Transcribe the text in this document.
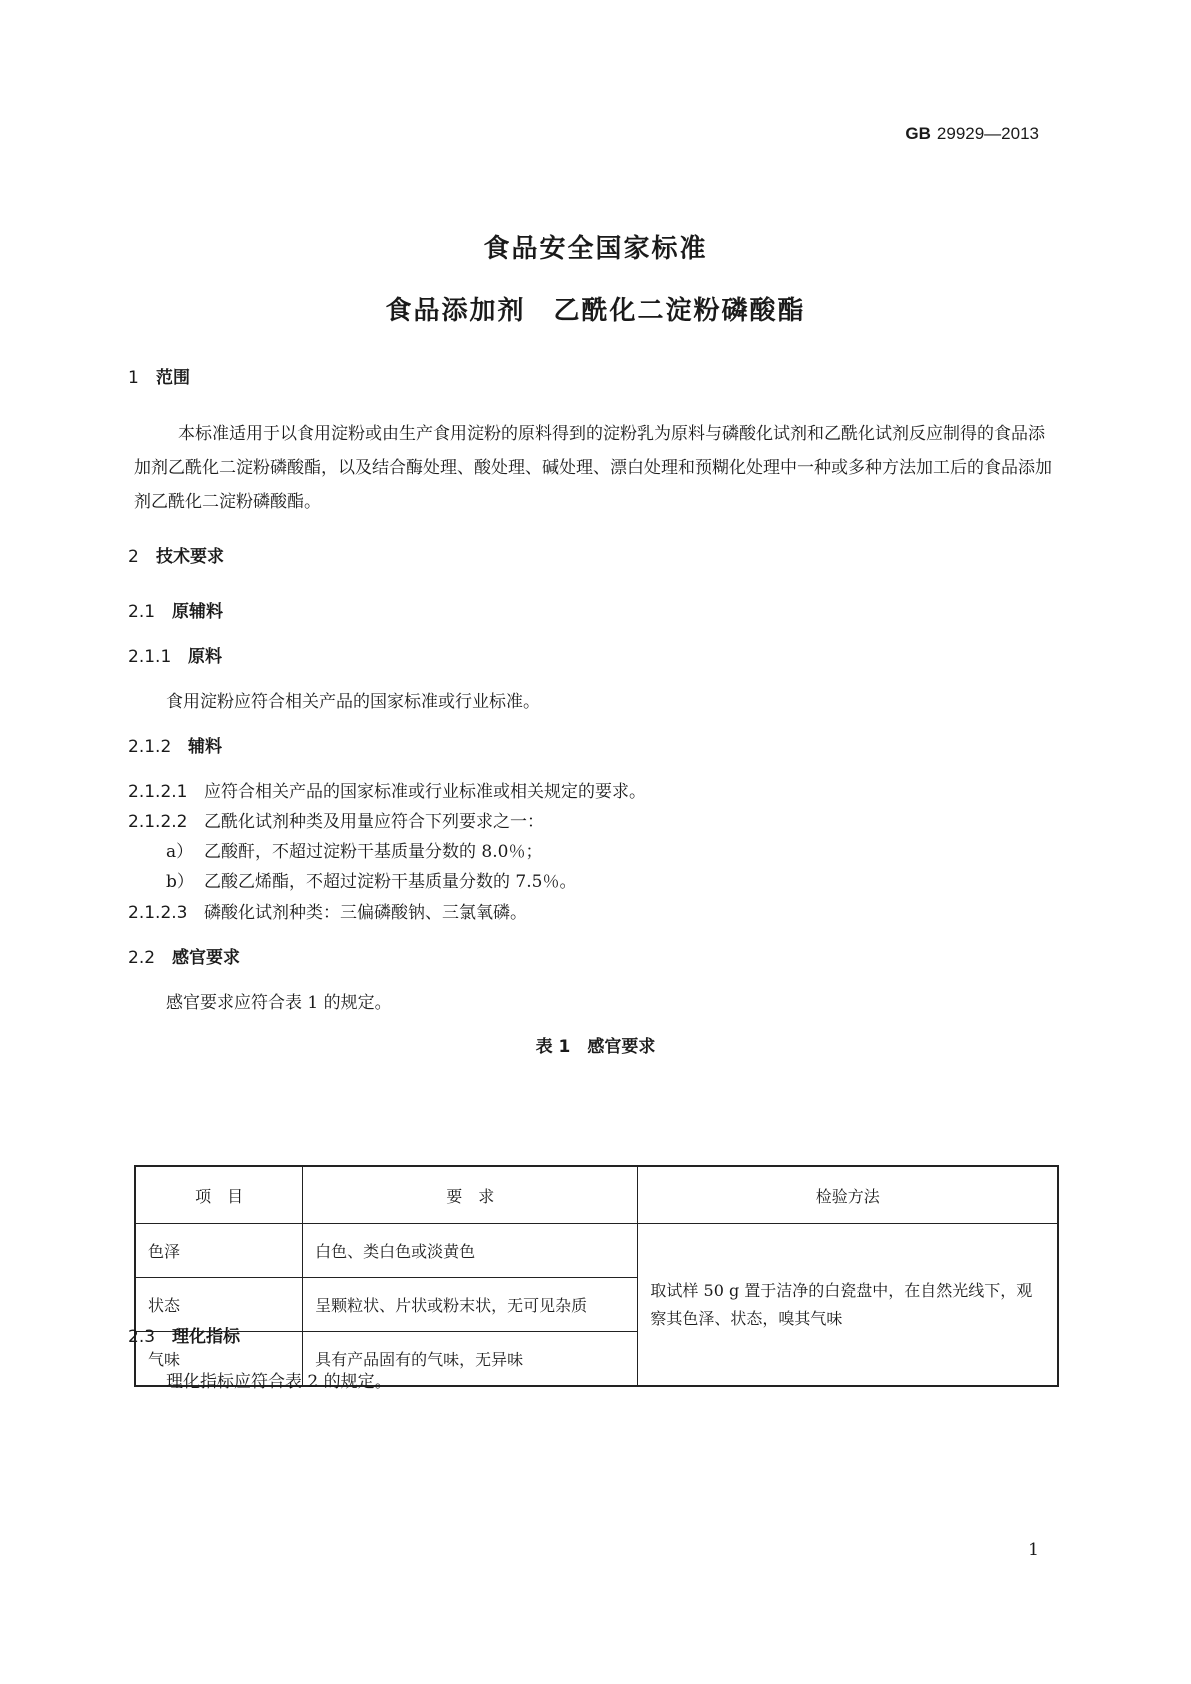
GB 29929—2013
食品安全国家标准
食品添加剂　乙酰化二淀粉磷酸酯
1 范围
本标准适用于以食用淀粉或由生产食用淀粉的原料得到的淀粉乳为原料与磷酸化试剂和乙酰化试剂反应制得的食品添加剂乙酰化二淀粉磷酸酯，以及结合酶处理、酸处理、碱处理、漂白处理和预糊化处理中一种或多种方法加工后的食品添加剂乙酰化二淀粉磷酸酯。
2 技术要求
2.1 原辅料
2.1.1 原料
食用淀粉应符合相关产品的国家标准或行业标准。
2.1.2 辅料
2.1.2.1 应符合相关产品的国家标准或行业标准或相关规定的要求。
2.1.2.2 乙酰化试剂种类及用量应符合下列要求之一：
a） 乙酸酐，不超过淀粉干基质量分数的 8.0％；
b） 乙酸乙烯酯，不超过淀粉干基质量分数的 7.5％。
2.1.2.3 磷酸化试剂种类：三偏磷酸钠、三氯氧磷。
2.2 感官要求
感官要求应符合表 1 的规定。
表 1　感官要求
项　目	要　求	检验方法
色泽	白色、类白色或淡黄色	取试样 50 g 置于洁净的白瓷盘中，在自然光线下，观察其色泽、状态，嗅其气味
状态	呈颗粒状、片状或粉末状，无可见杂质	
气味	具有产品固有的气味，无异味	
2.3 理化指标
理化指标应符合表 2 的规定。
1
